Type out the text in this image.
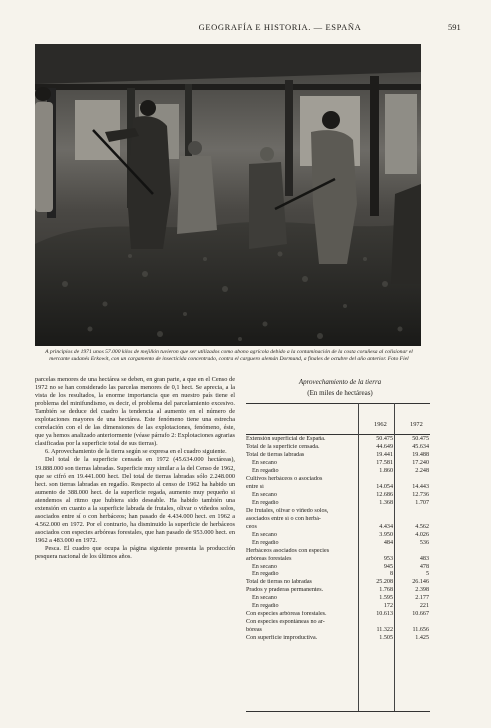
GEOGRAFÍA E HISTORIA. — ESPAÑA	591
A principios de 1971 unos 57.000 kilos de mejillón tuvieron que ser utilizados como abono agrícola debido a la contaminación de la costa coruñesa al colisionar el mercante sudanés Erkowit, con un cargamento de insecticida concentrado, contra el carguero alemán Dormund, a finales de octubre del año anterior. Foto Fiel

parcelas menores de una hectárea se deben, en gran parte, a que en el Censo de 1972 no se han considerado las parcelas menores de 0,1 hect. Se aprecia, a la vista de los resultados, la enorme importancia que en nuestro país tiene el problema del minifundismo, es decir, el problema del parcelamiento excesivo. También se deduce del cuadro la tendencia al aumento en el número de explotaciones mayores de una hectárea. Este fenómeno tiene una estrecha correlación con el de las dimensiones de las explotaciones, fenómeno, éste, que ya hemos analizado anteriormente (véase párrafo 2: Explotaciones agrarias clasificadas por la superficie total de sus tierras).

6. Aprovechamiento de la tierra según se expresa en el cuadro siguiente.

Del total de la superficie censada en 1972 (45.634.000 hectáreas), 19.888.000 son tierras labradas. Superficie muy similar a la del Censo de 1962, que se cifró en 19.441.000 hect. Del total de tierras labradas sólo 2.248.000 hect. son tierras labradas en regadío. Respecto al censo de 1962 ha habido un aumento de 388.000 hect. de la superficie regada, aumento muy pequeño si atendemos al ritmo que hubiera sido deseable. Ha habido también una extensión en cuanto a la superficie labrada de frutales, olivar o viñedos solos, asociados entre sí o con herbáceos; han pasado de 4.434.000 hect. en 1962 a 4.562.000 en 1972. Por el contrario, ha disminuido la superficie de herbáceos asociados con especies arbóreas forestales, que han pasado de 953.000 hect. en 1962 a 483.000 en 1972.

Pesca. El cuadro que ocupa la página siguiente presenta la producción pesquera nacional de los últimos años.

Aprovechamiento de la tierra
(En miles de hectáreas)
1962	1972
Extensión superficial de España.	50.475	50.475
Total de la superficie censada.	44.649	45.634
Total de tierras labradas	19.441	19.488
En secano	17.581	17.240
En regadío	1.860	2.248
Cultivos herbáceos o asociados
entre sí	14.054	14.443
En secano	12.686	12.736
En regadío	1.368	1.707
De frutales, olivar o viñedo solos,
asociados entre sí o con herbá-
ceos	4.434	4.562
En secano	3.950	4.026
En regadío	484	536
Herbáceos asociados con especies
arbóreas forestales	953	483
En secano	945	478
En regadío	8	5
Total de tierras no labradas	25.208	26.146
Prados y praderas permanentes.	1.768	2.398
En secano	1.595	2.177
En regadío	172	221
Con especies arbóreas forestales.	10.613	10.667
Con especies espontáneas no ar-
bóreas	11.322	11.656
Con superficie improductiva.	1.505	1.425
